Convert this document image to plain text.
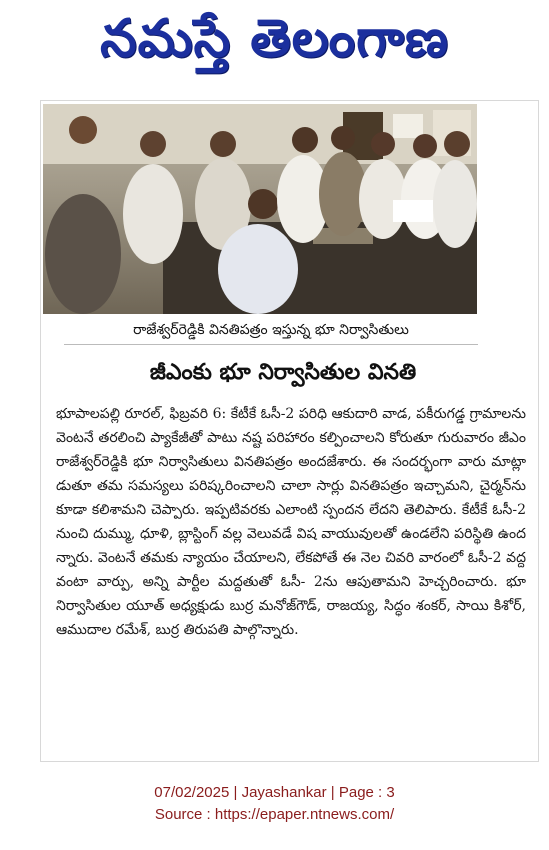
నమస్తే తెలంగాణ
రాజేశ్వర్‌రెడ్డికి వినతిపత్రం ఇస్తున్న భూ నిర్వాసితులు
జీఎంకు భూ నిర్వాసితుల వినతి

భూపాలపల్లి రూరల్, ఫిబ్రవరి 6: కేటీకే ఓసీ-2 పరిధి ఆకుదారి వాడ, పకీరుగడ్డ గ్రామాలను వెంటనే తరలించి ప్యాకేజీతో పాటు నష్ట పరిహారం కల్పించాలని కోరుతూ గురువారం జీఎం రాజేశ్వర్‌రెడ్డికి భూ నిర్వాసితులు వినతిపత్రం అందజేశారు. ఈ సందర్భంగా వారు మాట్లా డుతూ తమ సమస్యలు పరిష్కరించాలని చాలా సార్లు వినతిపత్రం ఇచ్చామని, చైర్మన్‌ను కూడా కలిశామని చెప్పారు. ఇప్పటివరకు ఎలాంటి స్పందన లేదని తెలిపారు. కేటీకే ఓసీ-2 నుంచి దుమ్ము, ధూళి, బ్లాస్టింగ్ వల్ల వెలువడే విష వాయువులతో ఉండలేని పరిస్థితి ఉంద న్నారు. వెంటనే తమకు న్యాయం చేయాలని, లేకపోతే ఈ నెల చివరి వారంలో ఓసీ-2 వద్ద వంటా వార్పు, అన్ని పార్టీల మద్దతుతో ఓసీ- 2ను ఆపుతామని హెచ్చరించారు. భూ నిర్వాసితుల యూత్ అధ్యక్షుడు బుర్ర మనోజ్‌గౌడ్, రాజయ్య, సిద్ధం శంకర్, సాయి కిశోర్, ఆముదాల రమేశ్, బుర్ర తిరుపతి పాల్గొన్నారు.

07/02/2025 | Jayashankar | Page : 3
Source : https://epaper.ntnews.com/
